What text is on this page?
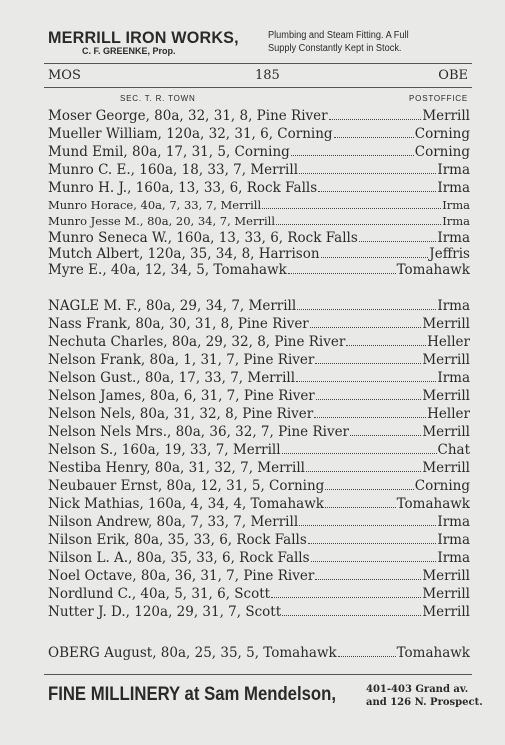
MERRILL IRON WORKS,
C. F. GREENKE, Prop.
Plumbing and Steam Fitting. A Full
Supply Constantly Kept in Stock.
MOS	185	OBE
SEC. T. R. TOWN	POSTOFFICE
Moser George, 80a, 32, 31, 8, Pine River	Merrill
Mueller William, 120a, 32, 31, 6, Corning	Corning
Mund Emil, 80a, 17, 31, 5, Corning	Corning
Munro C. E., 160a, 18, 33, 7, Merrill	Irma
Munro H. J., 160a, 13, 33, 6, Rock Falls	Irma
Munro Horace, 40a, 7, 33, 7, Merrill	Irma
Munro Jesse M., 80a, 20, 34, 7, Merrill	Irma
Munro Seneca W., 160a, 13, 33, 6, Rock Falls	Irma
Mutch Albert, 120a, 35, 34, 8, Harrison	Jeffris
Myre E., 40a, 12, 34, 5, Tomahawk	Tomahawk
NAGLE M. F., 80a, 29, 34, 7, Merrill	Irma
Nass Frank, 80a, 30, 31, 8, Pine River	Merrill
Nechuta Charles, 80a, 29, 32, 8, Pine River	Heller
Nelson Frank, 80a, 1, 31, 7, Pine River	Merrill
Nelson Gust., 80a, 17, 33, 7, Merrill	Irma
Nelson James, 80a, 6, 31, 7, Pine River	Merrill
Nelson Nels, 80a, 31, 32, 8, Pine River	Heller
Nelson Nels Mrs., 80a, 36, 32, 7, Pine River	Merrill
Nelson S., 160a, 19, 33, 7, Merrill	Chat
Nestiba Henry, 80a, 31, 32, 7, Merrill	Merrill
Neubauer Ernst, 80a, 12, 31, 5, Corning	Corning
Nick Mathias, 160a, 4, 34, 4, Tomahawk	Tomahawk
Nilson Andrew, 80a, 7, 33, 7, Merrill	Irma
Nilson Erik, 80a, 35, 33, 6, Rock Falls	Irma
Nilson L. A., 80a, 35, 33, 6, Rock Falls	Irma
Noel Octave, 80a, 36, 31, 7, Pine River	Merrill
Nordlund C., 40a, 5, 31, 6, Scott	Merrill
Nutter J. D., 120a, 29, 31, 7, Scott	Merrill
OBERG August, 80a, 25, 35, 5, Tomahawk	Tomahawk
FINE MILLINERY at Sam Mendelson,	401-403 Grand av.
and 126 N. Prospect.
